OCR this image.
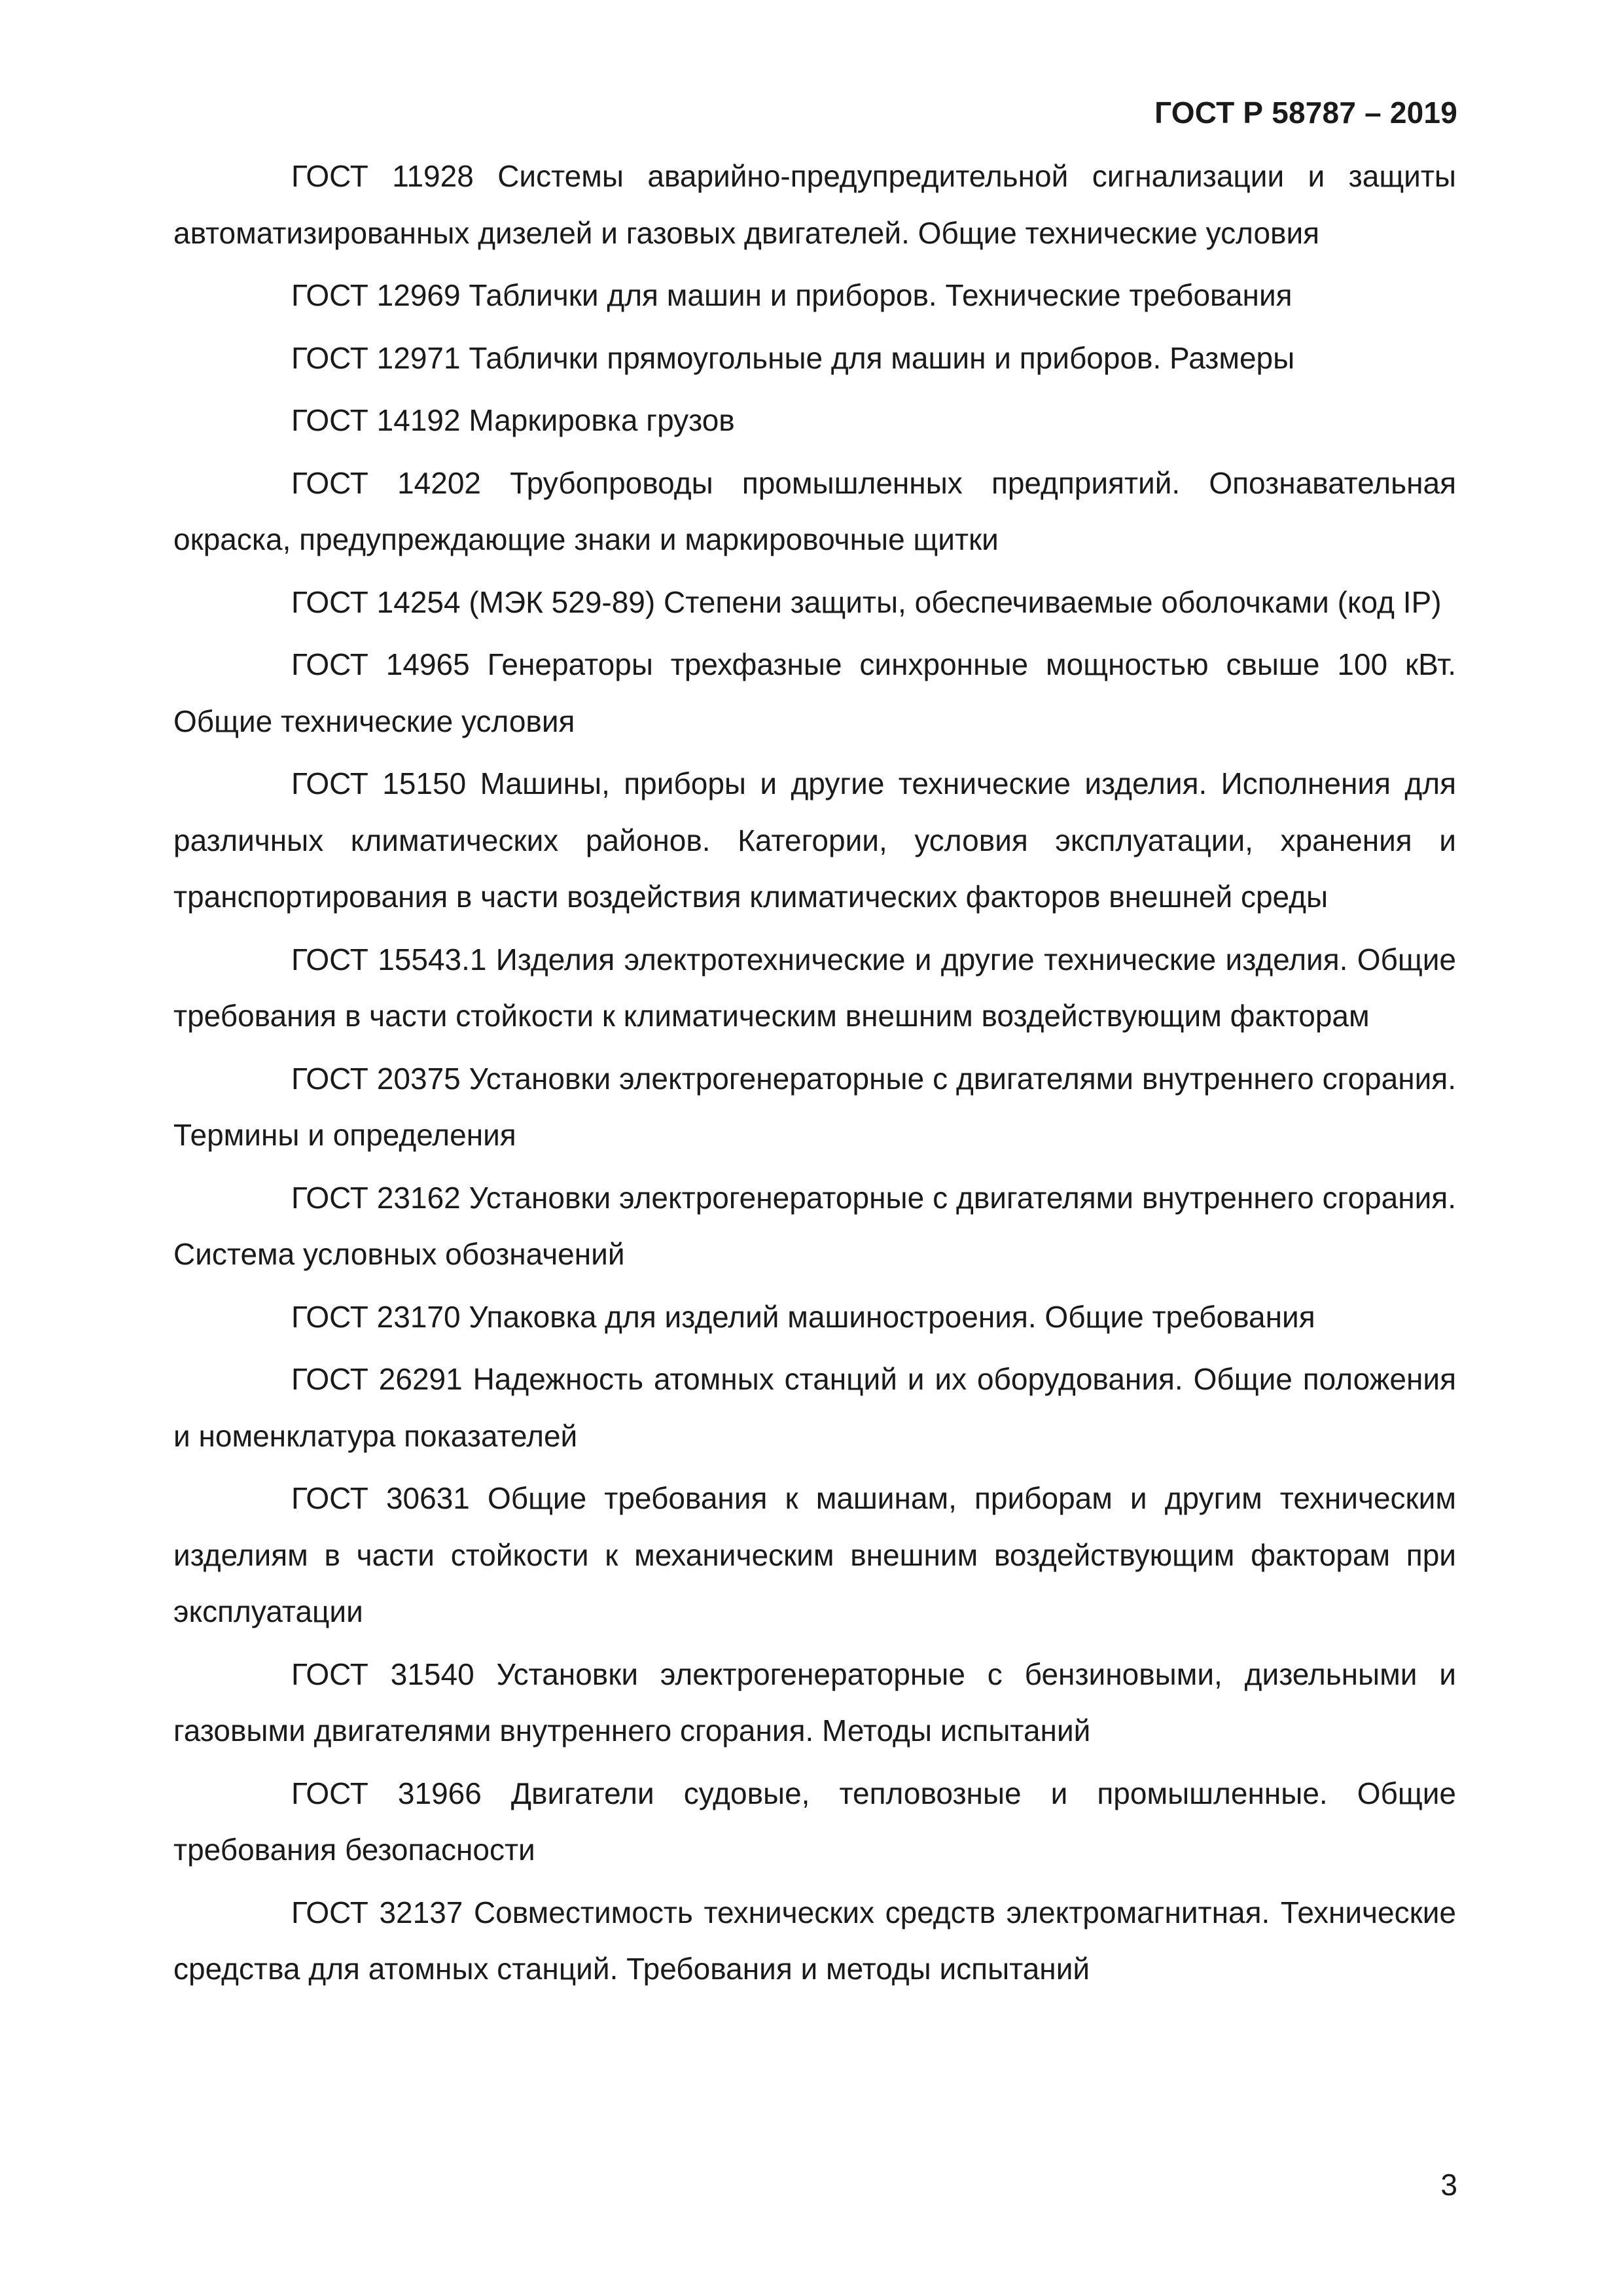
ГОСТ Р 58787 – 2019

ГОСТ 11928 Системы аварийно-предупредительной сигнализации и защиты автоматизированных дизелей и газовых двигателей. Общие технические условия

ГОСТ 12969 Таблички для машин и приборов. Технические требования

ГОСТ 12971 Таблички прямоугольные для машин и приборов. Размеры

ГОСТ 14192 Маркировка грузов

ГОСТ 14202 Трубопроводы промышленных предприятий. Опознавательная окраска, предупреждающие знаки и маркировочные щитки

ГОСТ 14254 (МЭК 529-89) Степени защиты, обеспечиваемые оболочками (код IP)

ГОСТ 14965 Генераторы трехфазные синхронные мощностью свыше 100 кВт. Общие технические условия

ГОСТ 15150 Машины, приборы и другие технические изделия. Исполнения для различных климатических районов. Категории, условия эксплуатации, хранения и транспортирования в части воздействия климатических факторов внешней среды

ГОСТ 15543.1 Изделия электротехнические и другие технические изделия. Общие требования в части стойкости к климатическим внешним воздействующим факторам

ГОСТ 20375 Установки электрогенераторные с двигателями внутреннего сгорания. Термины и определения

ГОСТ 23162 Установки электрогенераторные с двигателями внутреннего сгорания. Система условных обозначений

ГОСТ 23170 Упаковка для изделий машиностроения. Общие требования

ГОСТ 26291 Надежность атомных станций и их оборудования. Общие положения и номенклатура показателей

ГОСТ 30631 Общие требования к машинам, приборам и другим техническим изделиям в части стойкости к механическим внешним воздействующим факторам при эксплуатации

ГОСТ 31540 Установки электрогенераторные с бензиновыми, дизельными и газовыми двигателями внутреннего сгорания. Методы испытаний

ГОСТ 31966 Двигатели судовые, тепловозные и промышленные. Общие требования безопасности

ГОСТ 32137 Совместимость технических средств электромагнитная. Технические средства для атомных станций. Требования и методы испытаний

3
